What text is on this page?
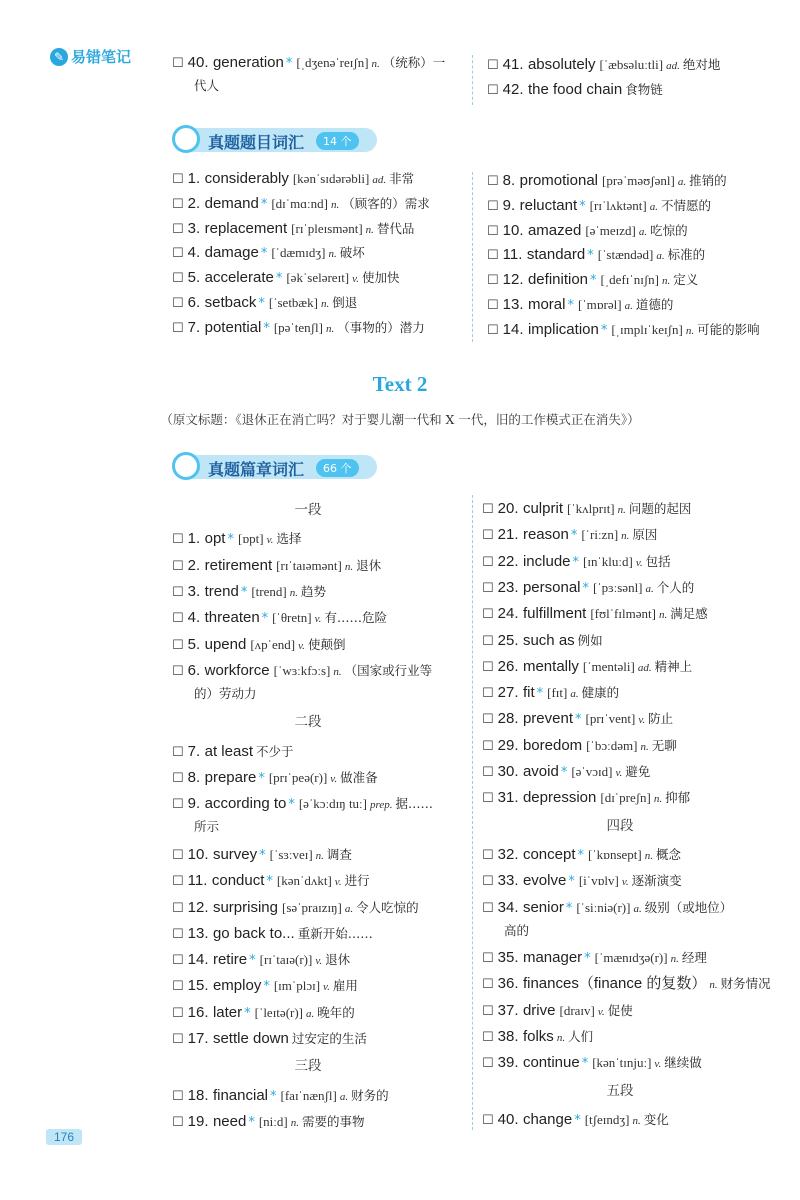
✎ 易错笔记	☐ 40. generation * [ˌdʒenəˈreɪʃn] n. （统称）一
代人
☐ 41. absolutely [ˈæbsəluːtli] ad. 绝对地
☐ 42. the food chain 食物链
真题题目词汇	14 个
☐ 1. considerably [kənˈsɪdərəbli] ad. 非常
☐ 2. demand * [dɪˈmɑːnd] n. （顾客的）需求
☐ 3. replacement [rɪˈpleɪsmənt] n. 替代品
☐ 4. damage * [ˈdæmɪdʒ] n. 破坏
☐ 5. accelerate * [əkˈseləreɪt] v. 使加快
☐ 6. setback * [ˈsetbæk] n. 倒退
☐ 7. potential * [pəˈtenʃl] n. （事物的）潜力
☐ 8. promotional [prəˈməʊʃənl] a. 推销的
☐ 9. reluctant * [rɪˈlʌktənt] a. 不情愿的
☐ 10. amazed [əˈmeɪzd] a. 吃惊的
☐ 11. standard * [ˈstændəd] a. 标准的
☐ 12. definition * [ˌdefɪˈnɪʃn] n. 定义
☐ 13. moral * [ˈmɒrəl] a. 道德的
☐ 14. implication * [ˌɪmplɪˈkeɪʃn] n. 可能的影响
Text 2
（原文标题：《退休正在消亡吗？对于婴儿潮一代和 X 一代，旧的工作模式正在消失》）
真题篇章词汇	66 个
一段
☐ 1. opt * [ɒpt] v. 选择
☐ 2. retirement [rɪˈtaɪəmənt] n. 退休
☐ 3. trend * [trend] n. 趋势
☐ 4. threaten * [ˈθretn] v. 有……危险
☐ 5. upend [ʌpˈend] v. 使颠倒
☐ 6. workforce [ˈwɜːkfɔːs] n. （国家或行业等
的）劳动力
二段
☐ 7. at least 不少于
☐ 8. prepare * [prɪˈpeə(r)] v. 做准备
☐ 9. according to * [əˈkɔːdɪŋ tuː] prep. 据……
所示
☐ 10. survey * [ˈsɜːveɪ] n. 调查
☐ 11. conduct * [kənˈdʌkt] v. 进行
☐ 12. surprising [səˈpraɪzɪŋ] a. 令人吃惊的
☐ 13. go back to... 重新开始……
☐ 14. retire * [rɪˈtaɪə(r)] v. 退休
☐ 15. employ * [ɪmˈplɔɪ] v. 雇用
☐ 16. later * [ˈleɪtə(r)] a. 晚年的
☐ 17. settle down 过安定的生活
三段
☐ 18. financial * [faɪˈnænʃl] a. 财务的
☐ 19. need * [niːd] n. 需要的事物
☐ 20. culprit [ˈkʌlprɪt] n. 问题的起因
☐ 21. reason * [ˈriːzn] n. 原因
☐ 22. include * [ɪnˈkluːd] v. 包括
☐ 23. personal * [ˈpɜːsənl] a. 个人的
☐ 24. fulfillment [fʊlˈfɪlmənt] n. 满足感
☐ 25. such as 例如
☐ 26. mentally [ˈmentəli] ad. 精神上
☐ 27. fit * [fɪt] a. 健康的
☐ 28. prevent * [prɪˈvent] v. 防止
☐ 29. boredom [ˈbɔːdəm] n. 无聊
☐ 30. avoid * [əˈvɔɪd] v. 避免
☐ 31. depression [dɪˈpreʃn] n. 抑郁
四段
☐ 32. concept * [ˈkɒnsept] n. 概念
☐ 33. evolve * [iˈvɒlv] v. 逐渐演变
☐ 34. senior * [ˈsiːniə(r)] a. 级别（或地位）
高的
☐ 35. manager * [ˈmænɪdʒə(r)] n. 经理
☐ 36. finances（finance 的复数） n. 财务情况
☐ 37. drive [draɪv] v. 促使
☐ 38. folks n. 人们
☐ 39. continue * [kənˈtɪnjuː] v. 继续做
五段
☐ 40. change * [tʃeɪndʒ] n. 变化
176
